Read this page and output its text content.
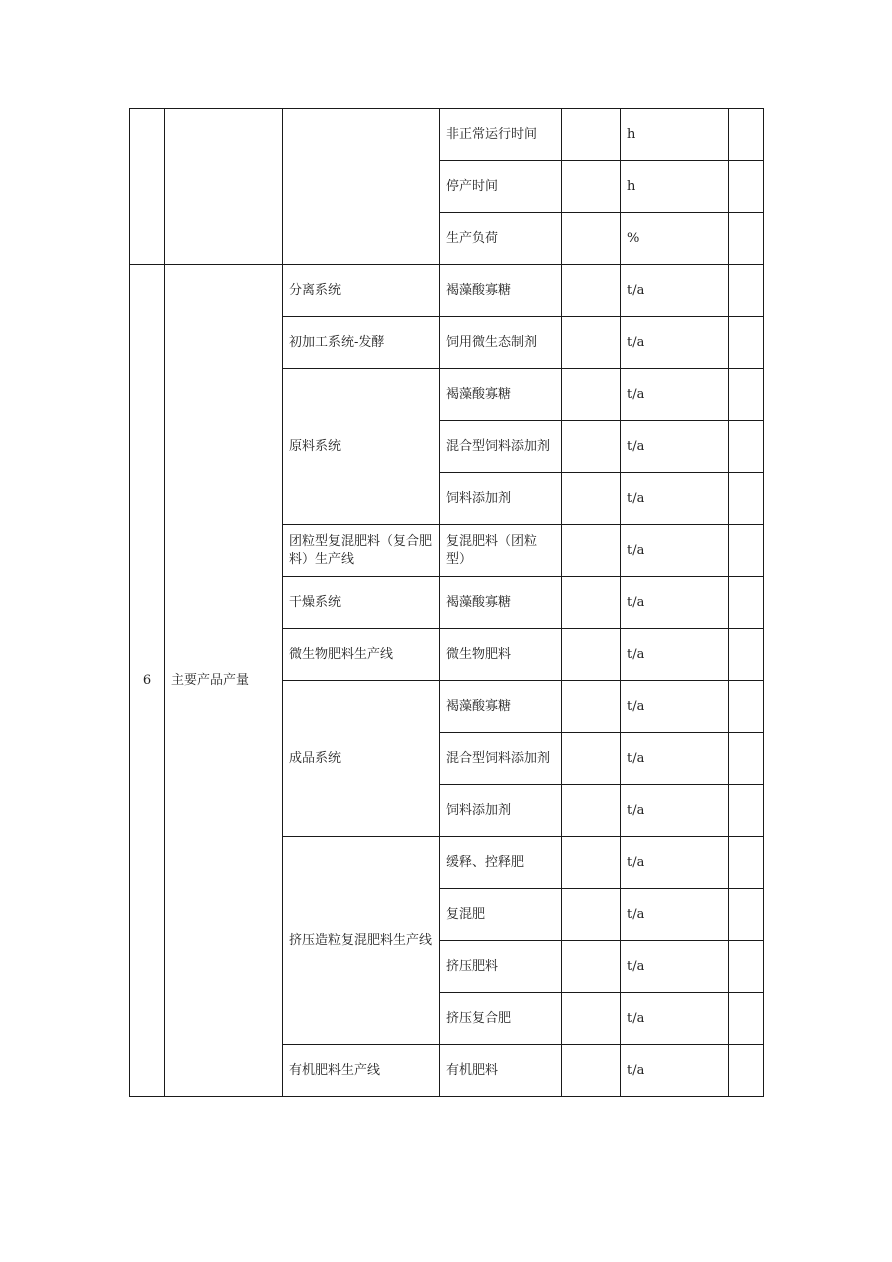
			非正常运行时间		h	
			停产时间		h	
			生产负荷		%	
6	主要产品产量	分离系统	褐藻酸寡糖		t/a	
		初加工系统-发酵	饲用微生态制剂		t/a	
		原料系统	褐藻酸寡糖		t/a	
			混合型饲料添加剂		t/a	
			饲料添加剂		t/a	
		团粒型复混肥料（复合肥料）生产线	复混肥料（团粒型）		t/a	
		干燥系统	褐藻酸寡糖		t/a	
		微生物肥料生产线	微生物肥料		t/a	
		成品系统	褐藻酸寡糖		t/a	
			混合型饲料添加剂		t/a	
			饲料添加剂		t/a	
		挤压造粒复混肥料生产线	缓释、控释肥		t/a	
			复混肥		t/a	
			挤压肥料		t/a	
			挤压复合肥		t/a	
		有机肥料生产线	有机肥料		t/a	
